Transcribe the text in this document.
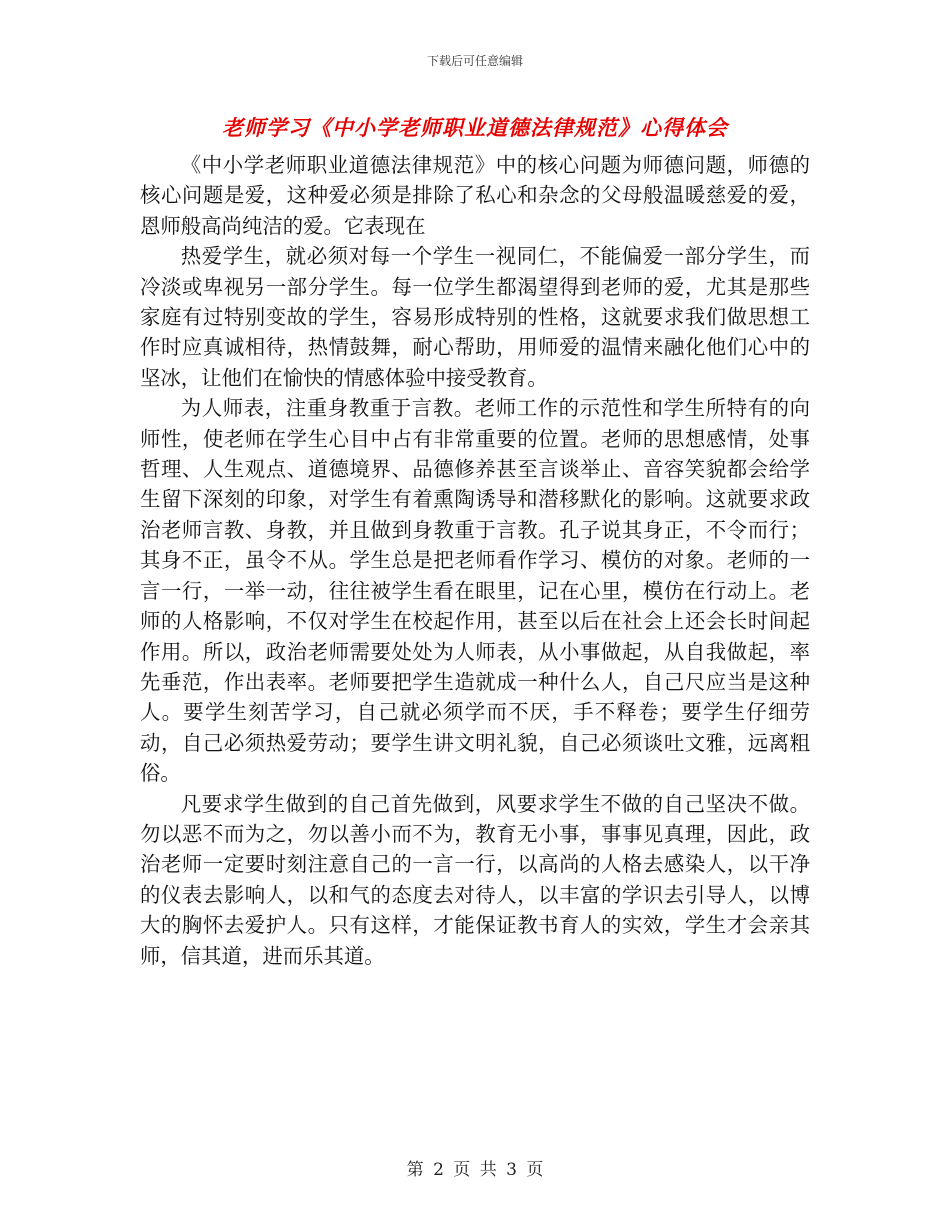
下载后可任意编辑
老师学习《中小学老师职业道德法律规范》心得体会

《中小学老师职业道德法律规范》中的核心问题为师德问题，师德的核心问题是爱，这种爱必须是排除了私心和杂念的父母般温暖慈爱的爱，恩师般高尚纯洁的爱。它表现在

热爱学生，就必须对每一个学生一视同仁，不能偏爱一部分学生，而冷淡或卑视另一部分学生。每一位学生都渴望得到老师的爱，尤其是那些家庭有过特别变故的学生，容易形成特别的性格，这就要求我们做思想工作时应真诚相待，热情鼓舞，耐心帮助，用师爱的温情来融化他们心中的坚冰，让他们在愉快的情感体验中接受教育。

为人师表，注重身教重于言教。老师工作的示范性和学生所特有的向师性，使老师在学生心目中占有非常重要的位置。老师的思想感情，处事哲理、人生观点、道德境界、品德修养甚至言谈举止、音容笑貌都会给学生留下深刻的印象，对学生有着熏陶诱导和潜移默化的影响。这就要求政治老师言教、身教，并且做到身教重于言教。孔子说其身正，不令而行；其身不正，虽令不从。学生总是把老师看作学习、模仿的对象。老师的一言一行，一举一动，往往被学生看在眼里，记在心里，模仿在行动上。老师的人格影响，不仅对学生在校起作用，甚至以后在社会上还会长时间起作用。所以，政治老师需要处处为人师表，从小事做起，从自我做起，率先垂范，作出表率。老师要把学生造就成一种什么人，自己尺应当是这种人。要学生刻苦学习，自己就必须学而不厌，手不释卷；要学生仔细劳动，自己必须热爱劳动；要学生讲文明礼貌，自己必须谈吐文雅，远离粗俗。

凡要求学生做到的自己首先做到，风要求学生不做的自己坚决不做。勿以恶不而为之，勿以善小而不为，教育无小事，事事见真理，因此，政治老师一定要时刻注意自己的一言一行，以高尚的人格去感染人，以干净的仪表去影响人，以和气的态度去对待人，以丰富的学识去引导人，以博大的胸怀去爱护人。只有这样，才能保证教书育人的实效，学生才会亲其师，信其道，进而乐其道。

第 2 页 共 3 页
